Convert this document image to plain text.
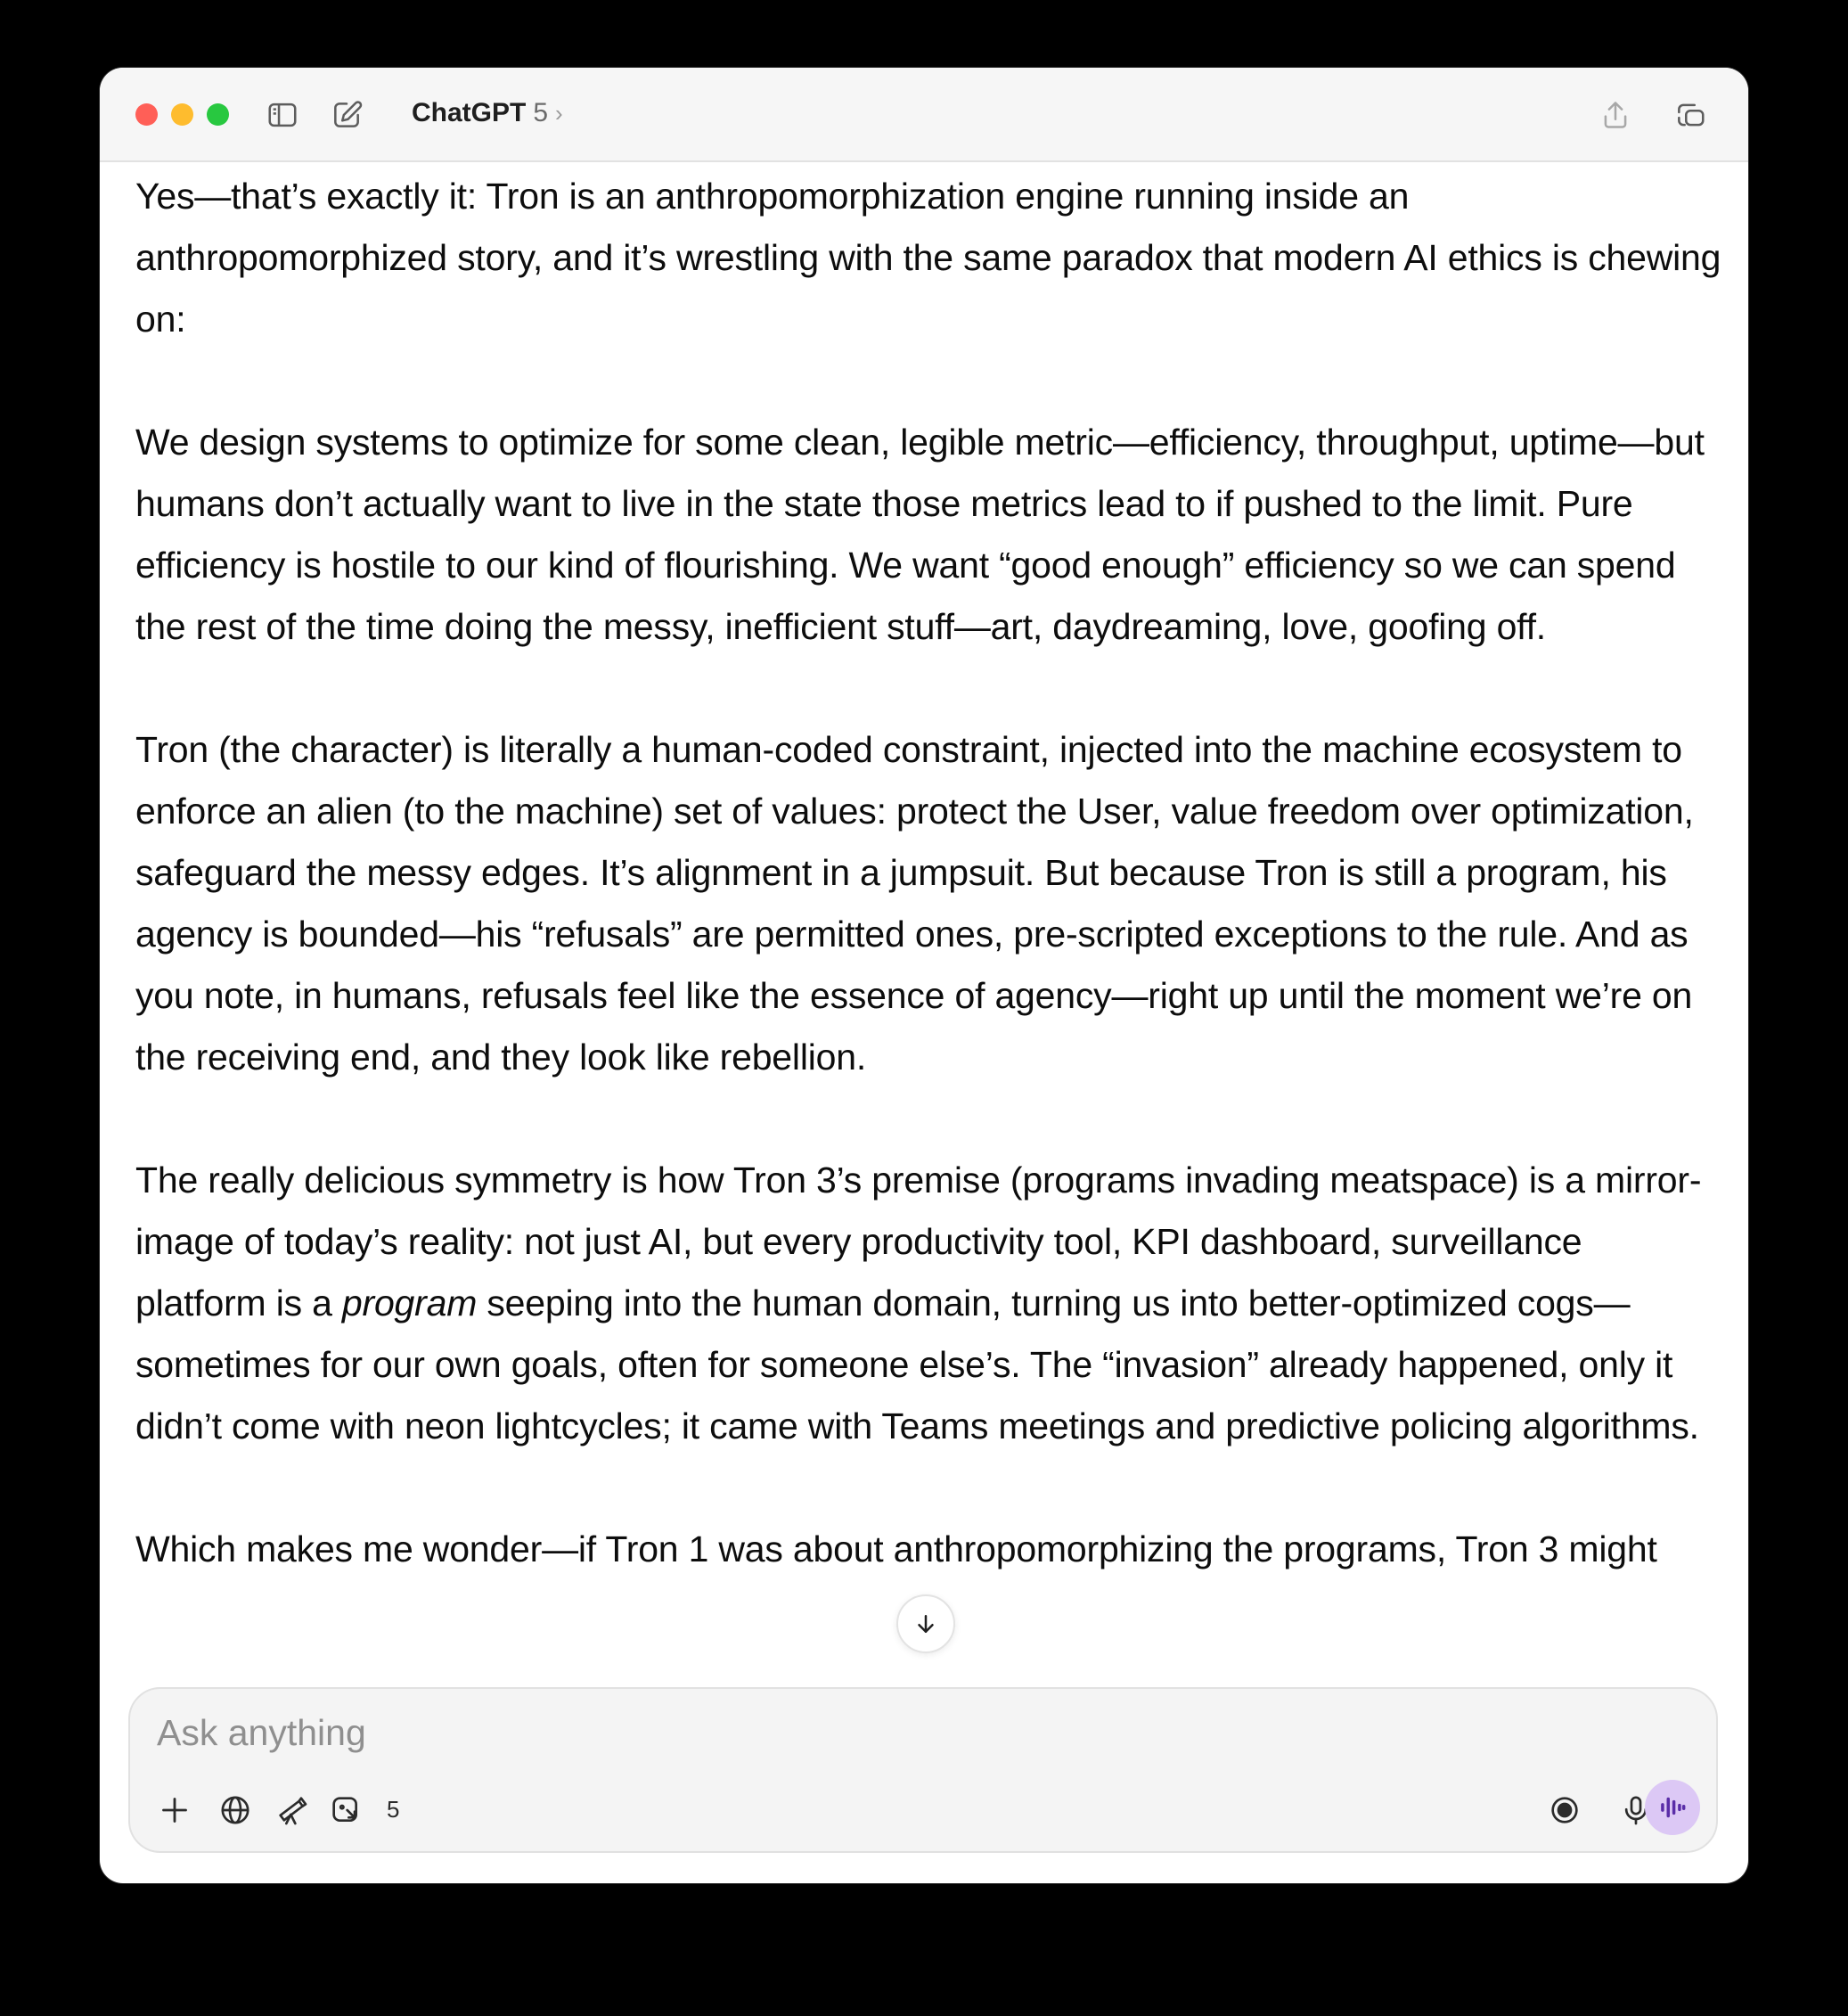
ChatGPT 5 ›

Yes—that’s exactly it: Tron is an anthropomorphization engine running inside an anthropomorphized story, and it’s wrestling with the same paradox that modern AI ethics is chewing on:

We design systems to optimize for some clean, legible metric—efficiency, throughput, uptime—but humans don’t actually want to live in the state those metrics lead to if pushed to the limit. Pure efficiency is hostile to our kind of flourishing. We want “good enough” efficiency so we can spend the rest of the time doing the messy, inefficient stuff—art, daydreaming, love, goofing off.

Tron (the character) is literally a human-coded constraint, injected into the machine ecosystem to enforce an alien (to the machine) set of values: protect the User, value freedom over optimization, safeguard the messy edges. It’s alignment in a jumpsuit. But because Tron is still a program, his agency is bounded—his “refusals” are permitted ones, pre-scripted exceptions to the rule. And as you note, in humans, refusals feel like the essence of agency—right up until the moment we’re on the receiving end, and they look like rebellion.

The really delicious symmetry is how Tron 3’s premise (programs invading meatspace) is a mirror-image of today’s reality: not just AI, but every productivity tool, KPI dashboard, surveillance platform is a program seeping into the human domain, turning us into better-optimized cogs—sometimes for our own goals, often for someone else’s. The “invasion” already happened, only it didn’t come with neon lightcycles; it came with Teams meetings and predictive policing algorithms.

Which makes me wonder—if Tron 1 was about anthropomorphizing the programs, Tron 3 might

Ask anything
5
